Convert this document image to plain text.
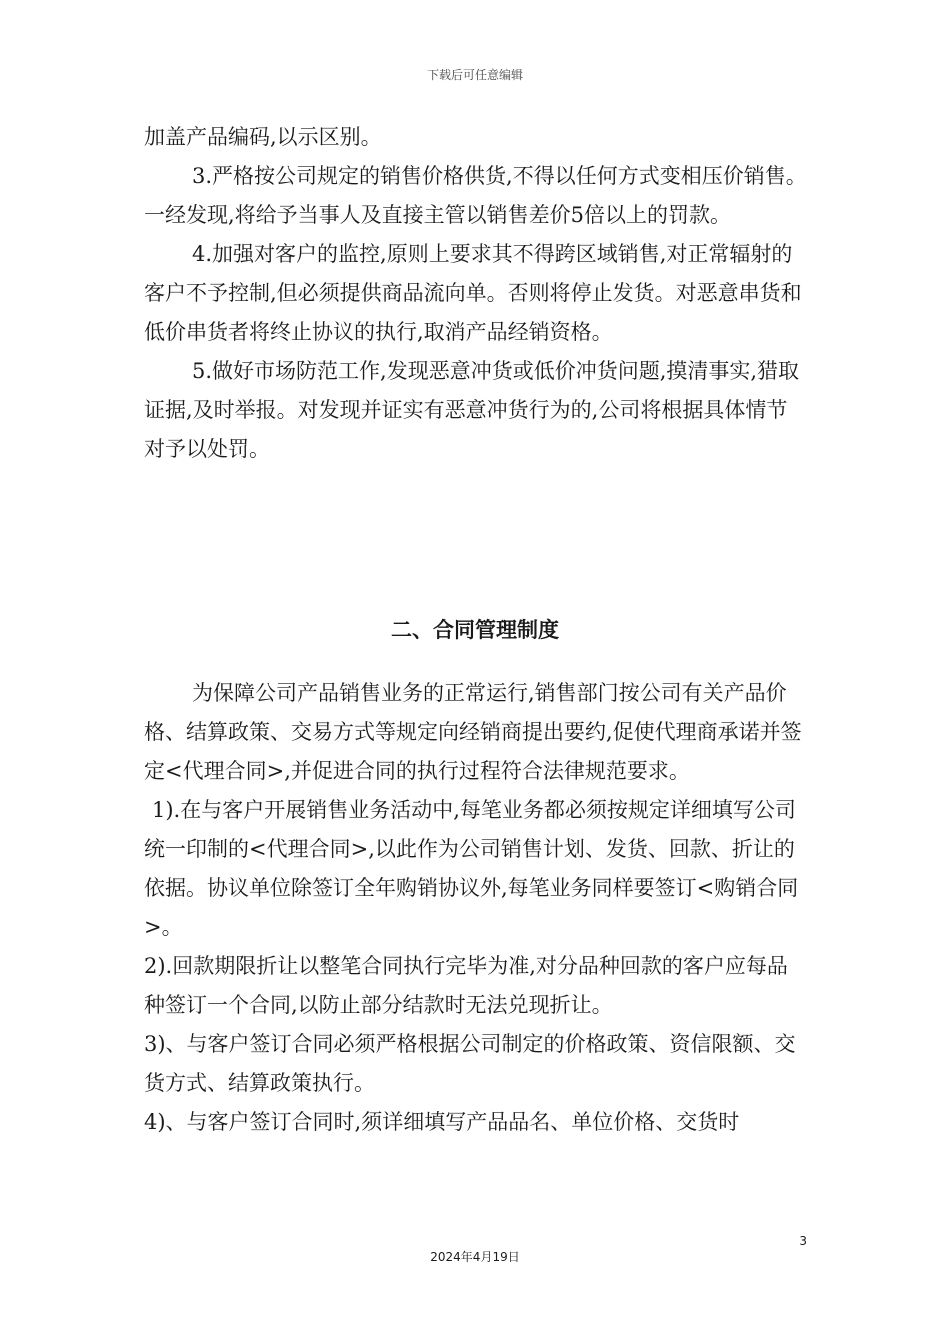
下载后可任意编辑

加盖产品编码,以示区别。

3.严格按公司规定的销售价格供货,不得以任何方式变相压价销售。一经发现,将给予当事人及直接主管以销售差价5倍以上的罚款。

4.加强对客户的监控,原则上要求其不得跨区域销售,对正常辐射的客户不予控制,但必须提供商品流向单。否则将停止发货。对恶意串货和低价串货者将终止协议的执行,取消产品经销资格。

5.做好市场防范工作,发现恶意冲货或低价冲货问题,摸清事实,猎取证据,及时举报。对发现并证实有恶意冲货行为的,公司将根据具体情节对予以处罚。

二、合同管理制度

为保障公司产品销售业务的正常运行,销售部门按公司有关产品价格、结算政策、交易方式等规定向经销商提出要约,促使代理商承诺并签定<代理合同>,并促进合同的执行过程符合法律规范要求。

1).在与客户开展销售业务活动中,每笔业务都必须按规定详细填写公司统一印制的<代理合同>,以此作为公司销售计划、发货、回款、折让的依据。协议单位除签订全年购销协议外,每笔业务同样要签订<购销合同>。

2).回款期限折让以整笔合同执行完毕为准,对分品种回款的客户应每品种签订一个合同,以防止部分结款时无法兑现折让。

3)、与客户签订合同必须严格根据公司制定的价格政策、资信限额、交货方式、结算政策执行。

4)、与客户签订合同时,须详细填写产品品名、单位价格、交货时

3
2024年4月19日
